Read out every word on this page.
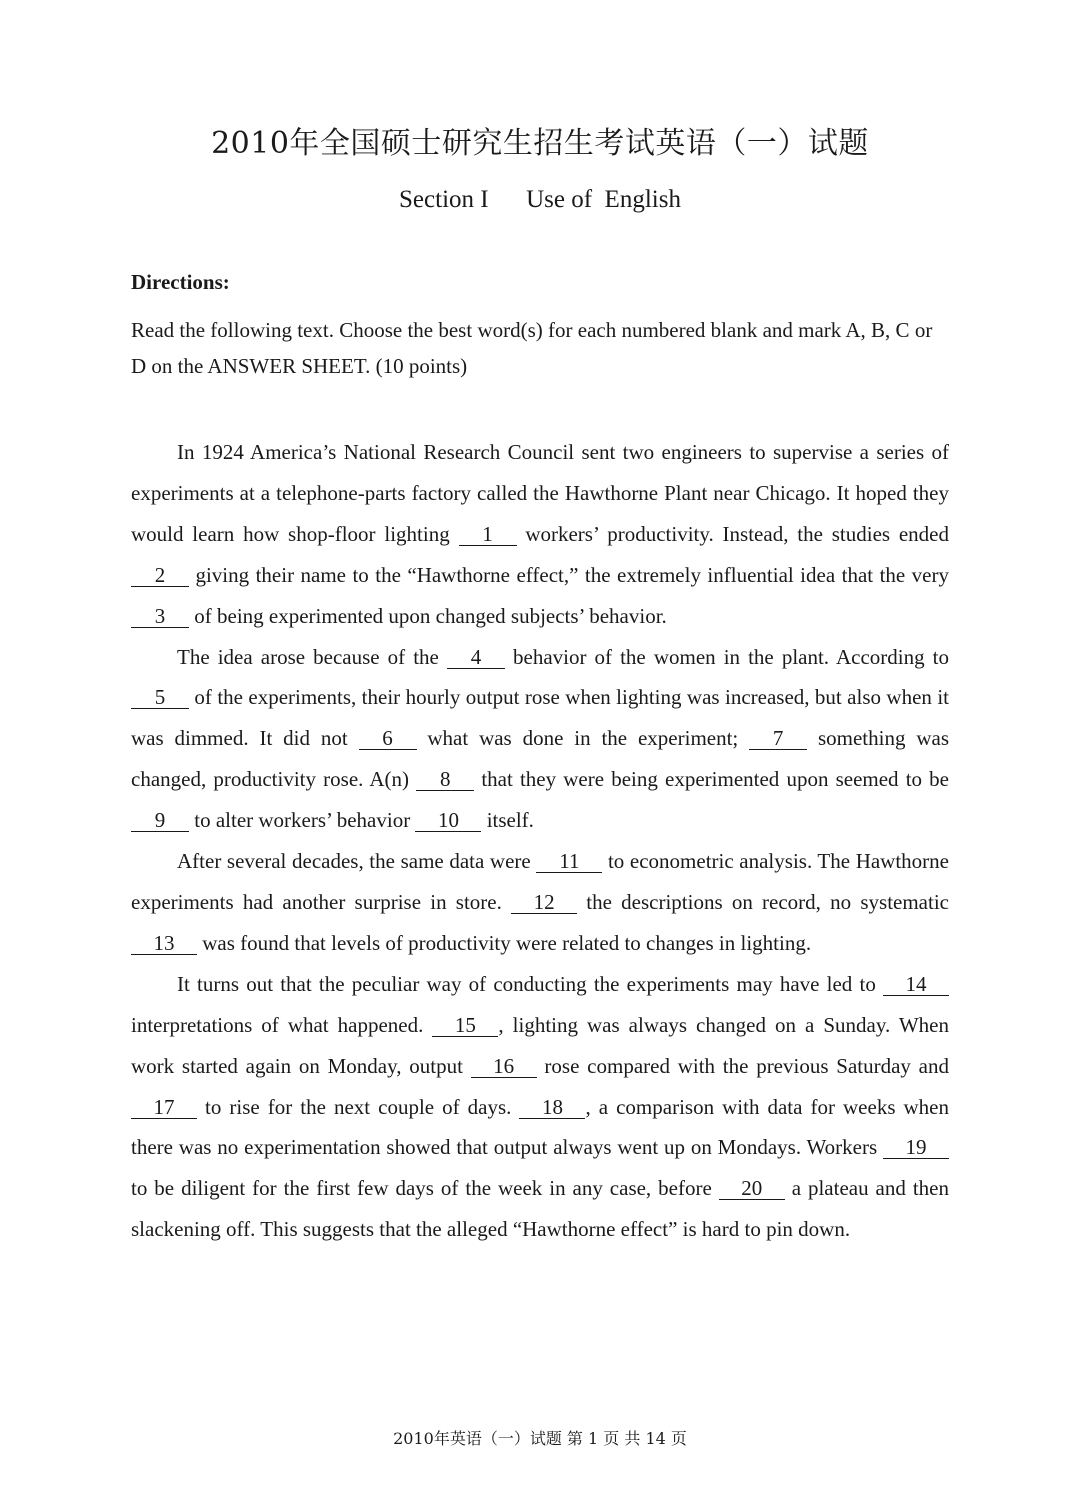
2010年全国硕士研究生招生考试英语（一）试题
Section I      Use of  English
Directions:
Read the following text. Choose the best word(s) for each numbered blank and mark A, B, C or D on the ANSWER SHEET. (10 points)

In 1924 America’s National Research Council sent two engineers to supervise a series of experiments at a telephone-parts factory called the Hawthorne Plant near Chicago. It hoped they would learn how shop-floor lighting 1 workers’ productivity. Instead, the studies ended 2 giving their name to the “Hawthorne effect,” the extremely influential idea that the very 3 of being experimented upon changed subjects’ behavior.

The idea arose because of the 4 behavior of the women in the plant. According to 5 of the experiments, their hourly output rose when lighting was increased, but also when it was dimmed. It did not 6 what was done in the experiment; 7 something was changed, productivity rose. A(n) 8 that they were being experimented upon seemed to be 9 to alter workers’ behavior 10 itself.

After several decades, the same data were 11 to econometric analysis. The Hawthorne experiments had another surprise in store. 12 the descriptions on record, no systematic 13 was found that levels of productivity were related to changes in lighting.

It turns out that the peculiar way of conducting the experiments may have led to 14 interpretations of what happened. 15 , lighting was always changed on a Sunday. When work started again on Monday, output 16 rose compared with the previous Saturday and 17 to rise for the next couple of days. 18 , a comparison with data for weeks when there was no experimentation showed that output always went up on Mondays. Workers 19 to be diligent for the first few days of the week in any case, before 20 a plateau and then slackening off. This suggests that the alleged “Hawthorne effect” is hard to pin down.

2010年英语（一）试题 第 1 页 共 14 页
